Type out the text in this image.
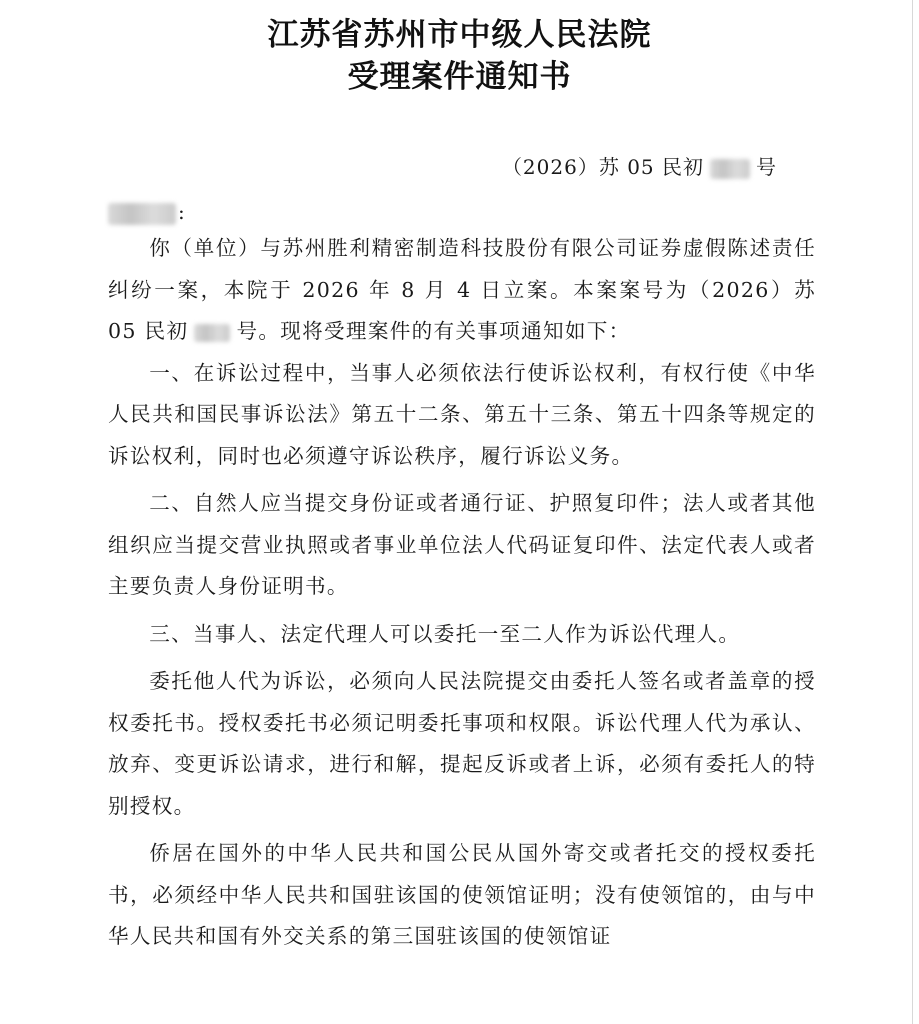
江苏省苏州市中级人民法院
受理案件通知书
（2026）苏 05 民初	号
:

你（单位）与苏州胜利精密制造科技股份有限公司证券虚假陈述责任纠纷一案，本院于 2026 年 8 月 4 日立案。本案案号为（2026）苏 05 民初 号。现将受理案件的有关事项通知如下：

一、在诉讼过程中，当事人必须依法行使诉讼权利，有权行使《中华人民共和国民事诉讼法》第五十二条、第五十三条、第五十四条等规定的诉讼权利，同时也必须遵守诉讼秩序，履行诉讼义务。

二、自然人应当提交身份证或者通行证、护照复印件；法人或者其他组织应当提交营业执照或者事业单位法人代码证复印件、法定代表人或者主要负责人身份证明书。

三、当事人、法定代理人可以委托一至二人作为诉讼代理人。

委托他人代为诉讼，必须向人民法院提交由委托人签名或者盖章的授权委托书。授权委托书必须记明委托事项和权限。诉讼代理人代为承认、放弃、变更诉讼请求，进行和解，提起反诉或者上诉，必须有委托人的特别授权。

侨居在国外的中华人民共和国公民从国外寄交或者托交的授权委托书，必须经中华人民共和国驻该国的使领馆证明；没有使领馆的，由与中华人民共和国有外交关系的第三国驻该国的使领馆证
